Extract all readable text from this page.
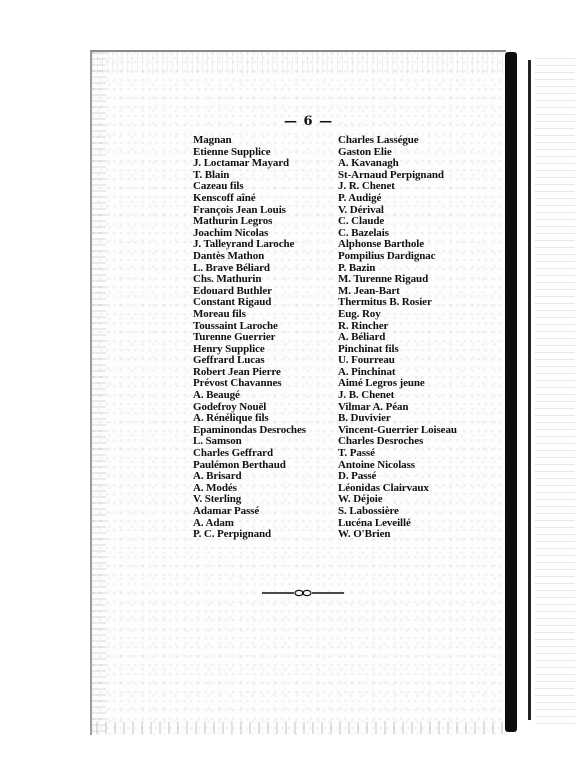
— 6 —
Magnan
Etienne Supplice
J. Loctamar Mayard
T. Blain
Cazeau fils
Kenscoff aîné
François Jean Louis
Mathurin Legros
Joachim Nicolas
J. Talleyrand Laroche
Dantès Mathon
L. Brave Béliard
Chs. Mathurin
Edouard Buthler
Constant Rigaud
Moreau fils
Toussaint Laroche
Turenne Guerrier
Henry Supplice
Geffrard Lucas
Robert Jean Pierre
Prévost Chavannes
A. Beaugé
Godefroy Nouël
A. Rénélique fils
Epaminondas Desroches
L. Samson
Charles Geffrard
Paulémon Berthaud
A. Brisard
A. Modés
V. Sterling
Adamar Passé
A. Adam
P. C. Perpignand
Charles Lasségue
Gaston Elie
A. Kavanagh
St-Arnaud Perpignand
J. R. Chenet
P. Audigé
V. Dérival
C. Claude
C. Bazelais
Alphonse Barthole
Pompilius Dardignac
P. Bazin
M. Turenne Rigaud
M. Jean-Bart
Thermitus B. Rosier
Eug. Roy
R. Rincher
A. Béliard
Pinchinat fils
U. Fourreau
A. Pinchinat
Aimé Legros jeune
J. B. Chenet
Vilmar A. Péan
B. Duvivier
Vincent-Guerrier Loiseau
Charles Desroches
T. Passé
Antoine Nicolass
D. Passé
Léonidas Clairvaux
W. Déjoie
S. Labossière
Lucéna Leveillé
W. O'Brien
